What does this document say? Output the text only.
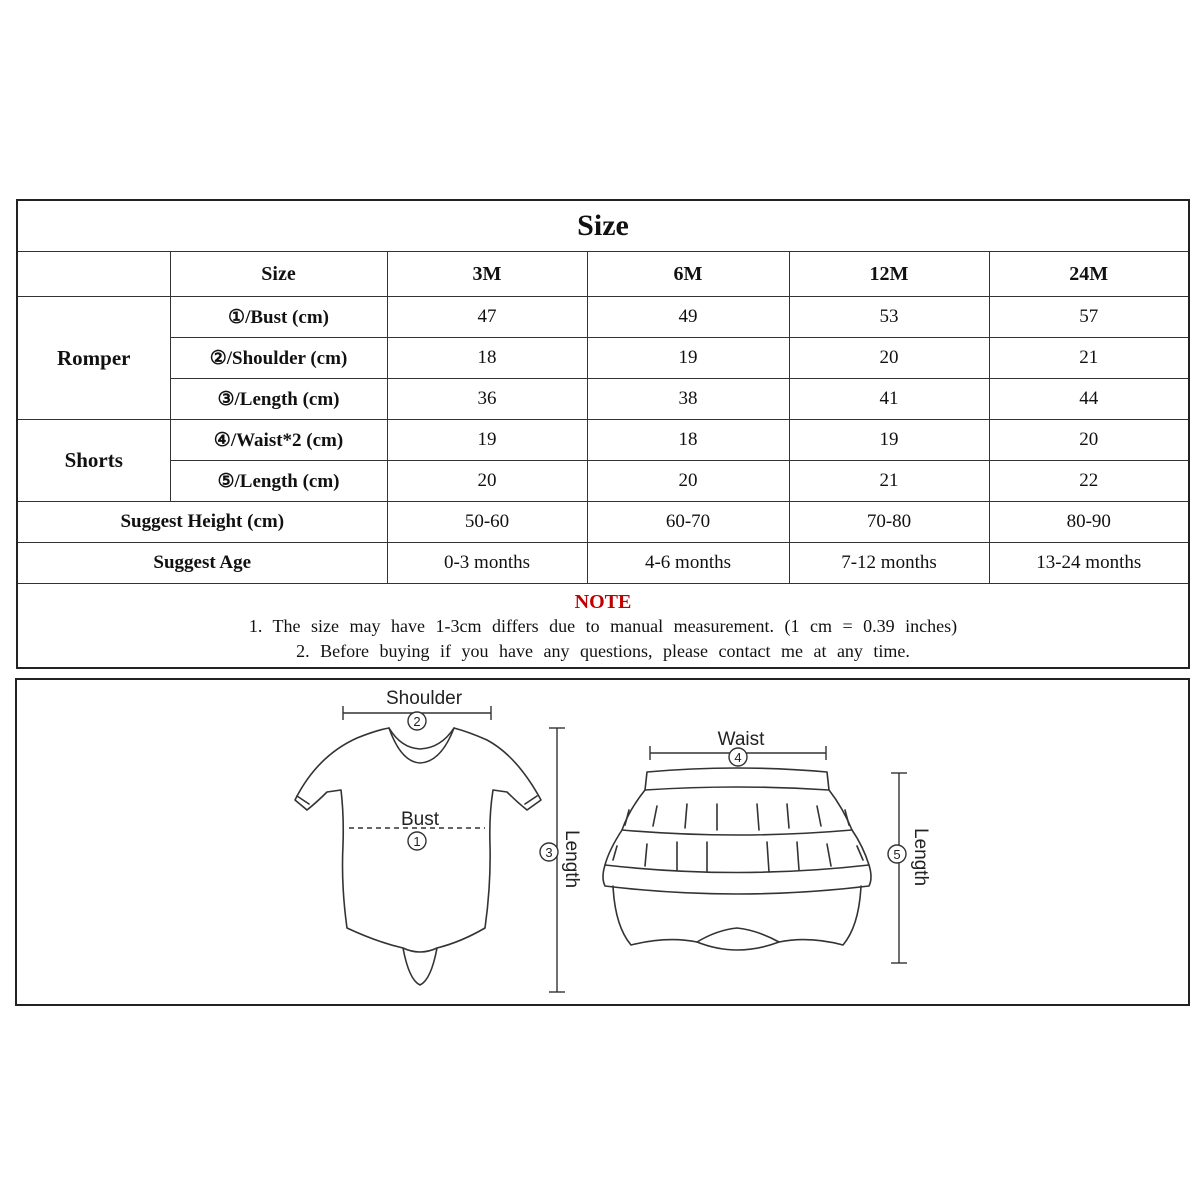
Size					
	Size	3M	6M	12M	24M
Romper	①/Bust (cm)	47	49	53	57
	②/Shoulder (cm)	18	19	20	21
	③/Length (cm)	36	38	41	44
Shorts	④/Waist*2 (cm)	19	18	19	20
	⑤/Length (cm)	20	20	21	22
Suggest Height (cm)		50-60	60-70	70-80	80-90
Suggest Age		0-3 months	4-6 months	7-12 months	13-24 months

NOTE
1. The size may have 1-3cm differs due to manual measurement. (1 cm = 0.39 inches)
2. Before buying if you have any questions, please contact me at any time.					
Shoulder
2
Bust
1
3 Length
Waist
4
5 Length
